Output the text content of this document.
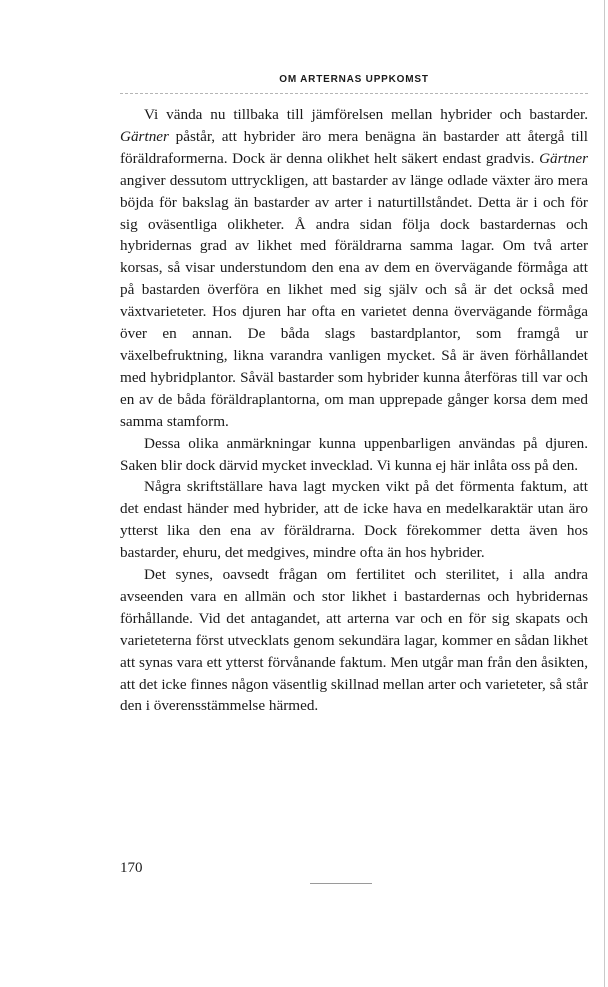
OM ARTERNAS UPPKOMST

Vi vända nu tillbaka till jämförelsen mellan hybrider och bastarder. Gärtner påstår, att hybrider äro mera benägna än bastarder att återgå till föräldraformerna. Dock är denna olikhet helt säkert endast gradvis. Gärtner angiver dessutom uttryckligen, att bastarder av länge odlade växter äro mera böjda för bakslag än bastarder av arter i naturtillståndet. Detta är i och för sig oväsentliga olikheter. Å andra sidan följa dock bastardernas och hybridernas grad av likhet med föräldrarna samma lagar. Om två arter korsas, så visar understundom den ena av dem en övervägande förmåga att på bastarden överföra en likhet med sig själv och så är det också med växtvarieteter. Hos djuren har ofta en varietet denna övervägande förmåga över en annan. De båda slags bastardplantor, som framgå ur växelbefruktning, likna varandra vanligen mycket. Så är även förhållandet med hybridplantor. Såväl bastarder som hybrider kunna återföras till var och en av de båda föräldraplantorna, om man upprepade gånger korsa dem med samma stamform.

Dessa olika anmärkningar kunna uppenbarligen användas på djuren. Saken blir dock därvid mycket invecklad. Vi kunna ej här inlåta oss på den.

Några skriftställare hava lagt mycken vikt på det förmenta faktum, att det endast händer med hybrider, att de icke hava en medelkaraktär utan äro ytterst lika den ena av föräldrarna. Dock förekommer detta även hos bastarder, ehuru, det medgives, mindre ofta än hos hybrider.

Det synes, oavsedt frågan om fertilitet och sterilitet, i alla andra avseenden vara en allmän och stor likhet i bastardernas och hybridernas förhållande. Vid det antagandet, att arterna var och en för sig skapats och varieteterna först utvecklats genom sekundära lagar, kommer en sådan likhet att synas vara ett ytterst förvånande faktum. Men utgår man från den åsikten, att det icke finnes någon väsentlig skillnad mellan arter och varieteter, så står den i överensstämmelse härmed.

170
